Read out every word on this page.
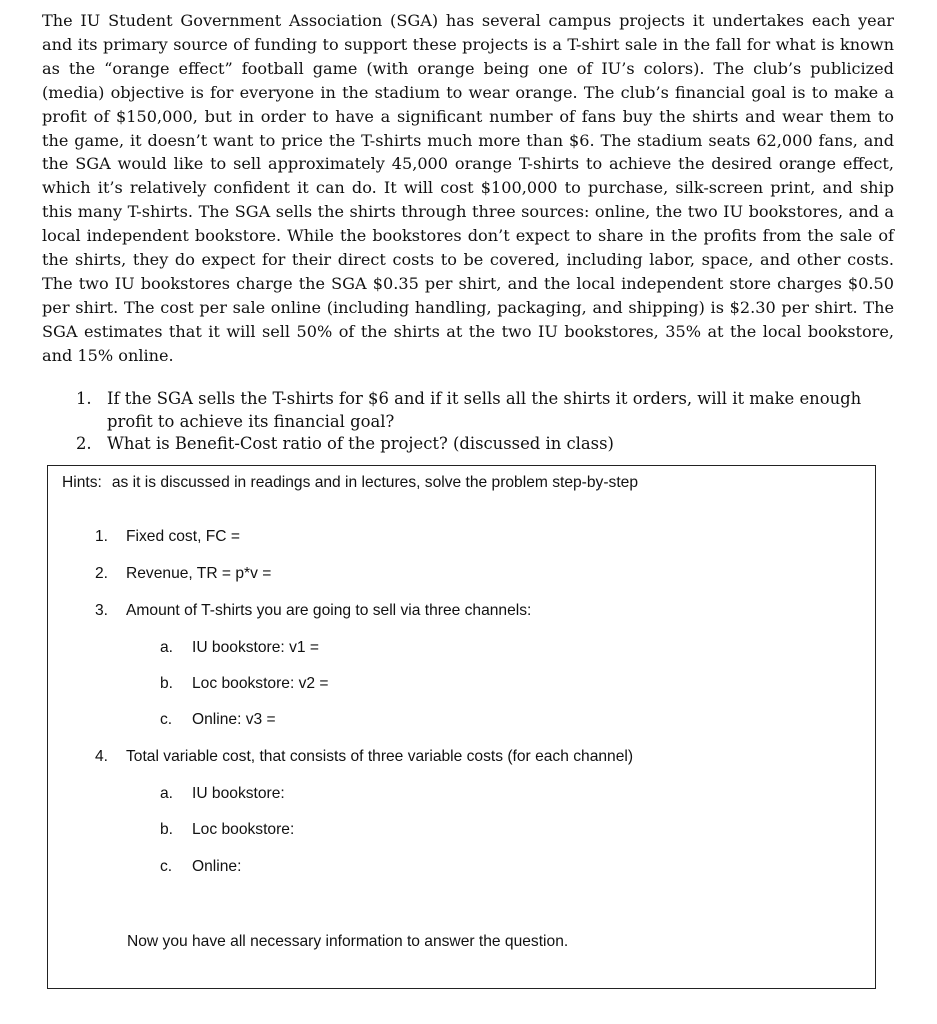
The IU Student Government Association (SGA) has several campus projects it undertakes each year and its primary source of funding to support these projects is a T-shirt sale in the fall for what is known as the “orange effect” football game (with orange being one of IU’s colors). The club’s publicized (media) objective is for everyone in the stadium to wear orange. The club’s financial goal is to make a profit of $150,000, but in order to have a significant number of fans buy the shirts and wear them to the game, it doesn’t want to price the T-shirts much more than $6. The stadium seats 62,000 fans, and the SGA would like to sell approximately 45,000 orange T-shirts to achieve the desired orange effect, which it’s relatively confident it can do. It will cost $100,000 to purchase, silk-screen print, and ship this many T-shirts. The SGA sells the shirts through three sources: online, the two IU bookstores, and a local independent bookstore. While the bookstores don’t expect to share in the profits from the sale of the shirts, they do expect for their direct costs to be covered, including labor, space, and other costs. The two IU bookstores charge the SGA $0.35 per shirt, and the local independent store charges $0.50 per shirt. The cost per sale online (including handling, packaging, and shipping) is $2.30 per shirt. The SGA estimates that it will sell 50% of the shirts at the two IU bookstores, 35% at the local bookstore, and 15% online.
1. If the SGA sells the T-shirts for $6 and if it sells all the shirts it orders, will it make enough profit to achieve its financial goal?
2. What is Benefit-Cost ratio of the project? (discussed in class)
Hints: as it is discussed in readings and in lectures, solve the problem step-by-step
1. Fixed cost, FC =
2. Revenue, TR = p*v =
3. Amount of T-shirts you are going to sell via three channels:
a. IU bookstore: v1 =
b. Loc bookstore: v2 =
c. Online: v3 =
4. Total variable cost, that consists of three variable costs (for each channel)
a. IU bookstore:
b. Loc bookstore:
c. Online:
Now you have all necessary information to answer the question.
